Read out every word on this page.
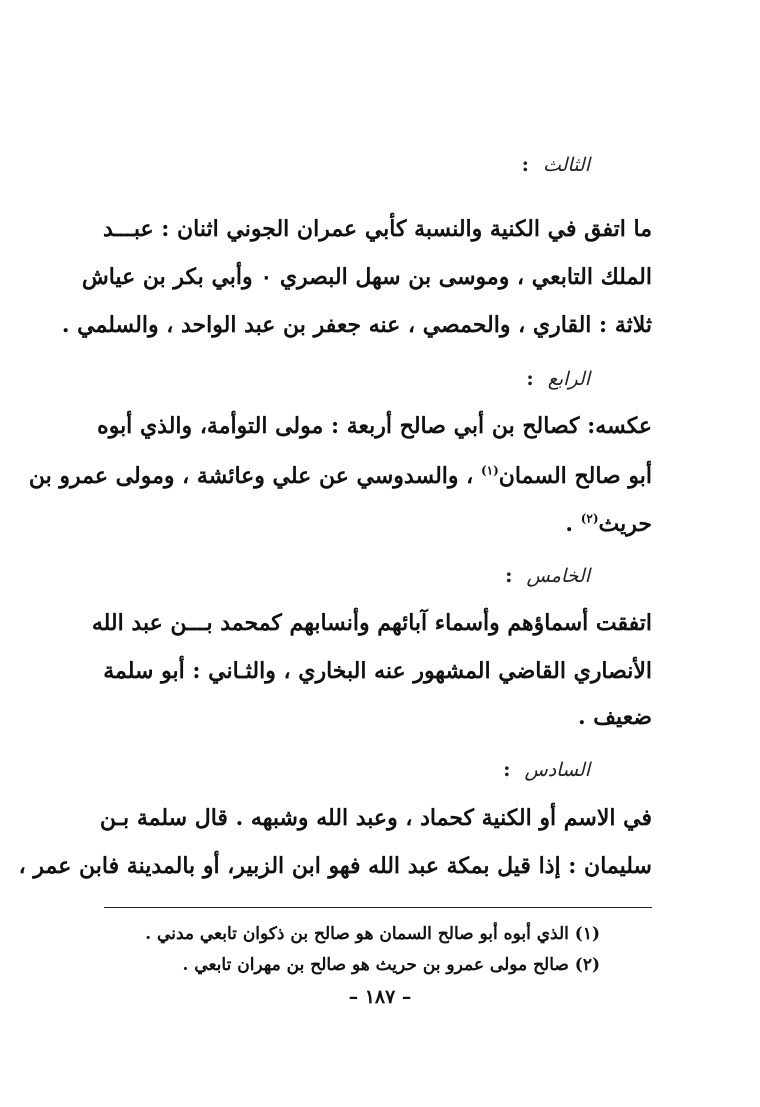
الثالث:
ما اتفق في الكنية والنسبة كأبي عمران الجوني اثنان : عبـــد
الملك التابعي ، وموسى بن سهل البصري ٠ وأبي بكر بن عياش
ثلاثة : القاري ، والحمصي ، عنه جعفر بن عبد الواحد ، والسلمي .
الرابع:
عكسه: كصالح بن أبي صالح أربعة : مولى التوأمة، والذي أبوه
أبو صالح السمان$^{(١)}$ ، والسدوسي عن علي وعائشة ، ومولى عمرو بن
حريث$^{(٢)}$ .
الخامس:
اتفقت أسماؤهم وأسماء آبائهم وأنسابهم كمحمد بـــن عبد الله
الأنصاري القاضي المشهور عنه البخاري ، والثـاني : أبو سلمة
ضعيف .
السادس:
في الاسم أو الكنية كحماد ، وعبد الله وشبهه . قال سلمة بـن
سليمان : إذا قيل بمكة عبد الله فهو ابن الزبير، أو بالمدينة فابن عمر ،
(١) الذي أبوه أبو صالح السمان هو صالح بن ذكوان تابعي مدني .
(٢) صالح مولى عمرو بن حريث هو صالح بن مهران تابعي .
– ١٨٧ –
